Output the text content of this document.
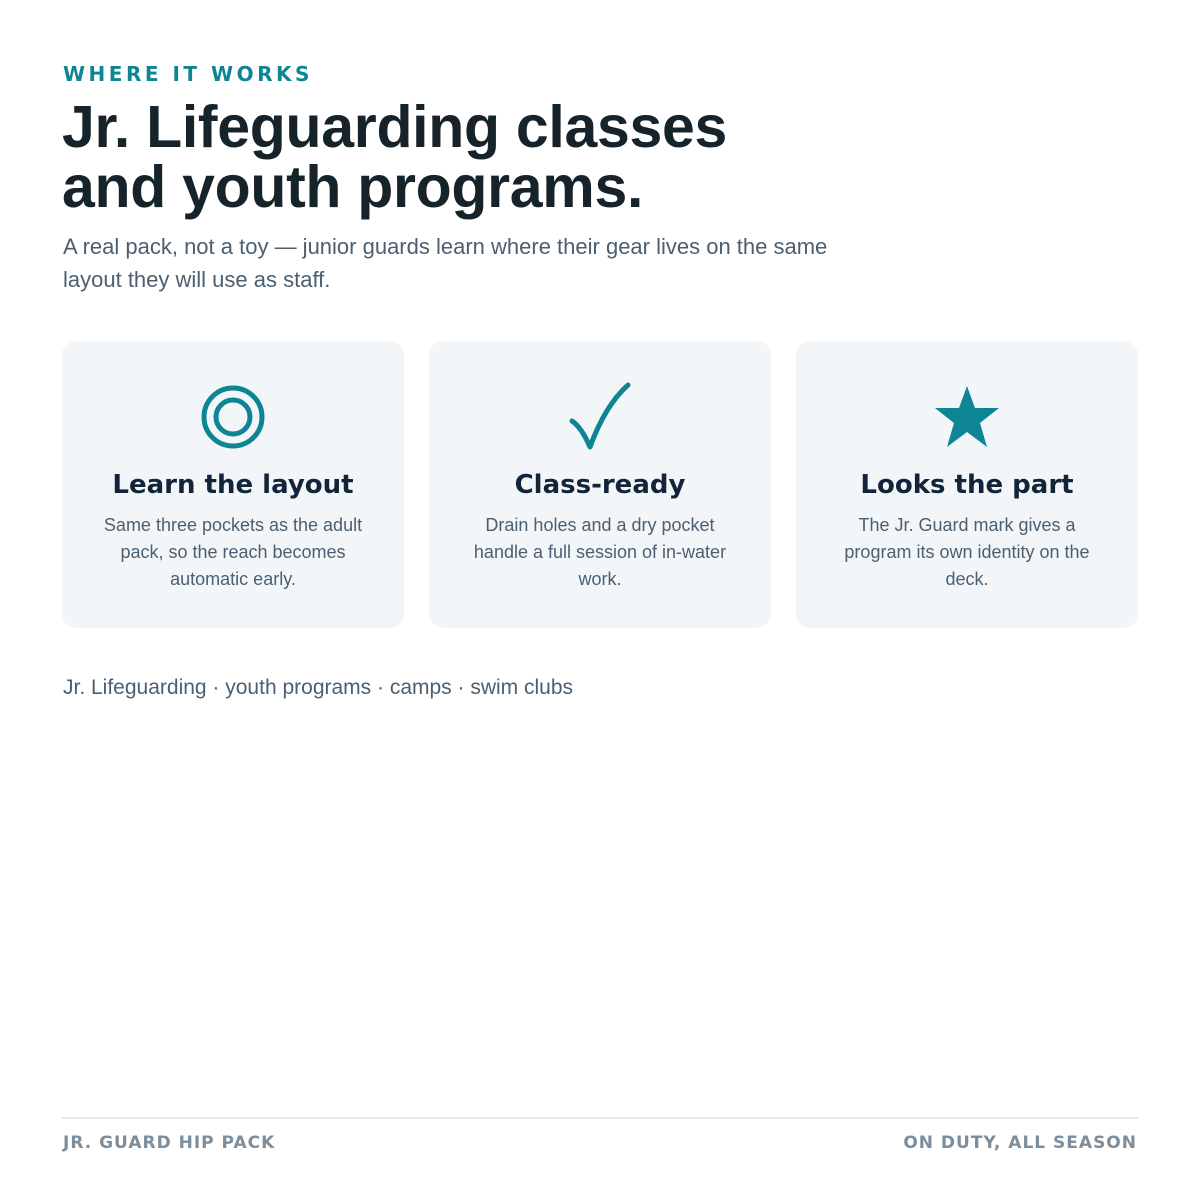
WHERE IT WORKS
Jr. Lifeguarding classes
and youth programs.

A real pack, not a toy — junior guards learn where their gear lives on the same
layout they will use as staff.

Learn the layout
Same three pockets as the adult
pack, so the reach becomes
automatic early.
Class-ready
Drain holes and a dry pocket
handle a full session of in-water
work.
Looks the part
The Jr. Guard mark gives a
program its own identity on the
deck.
Jr. Lifeguarding · youth programs · camps · swim clubs
JR. GUARD HIP PACK	ON DUTY, ALL SEASON
